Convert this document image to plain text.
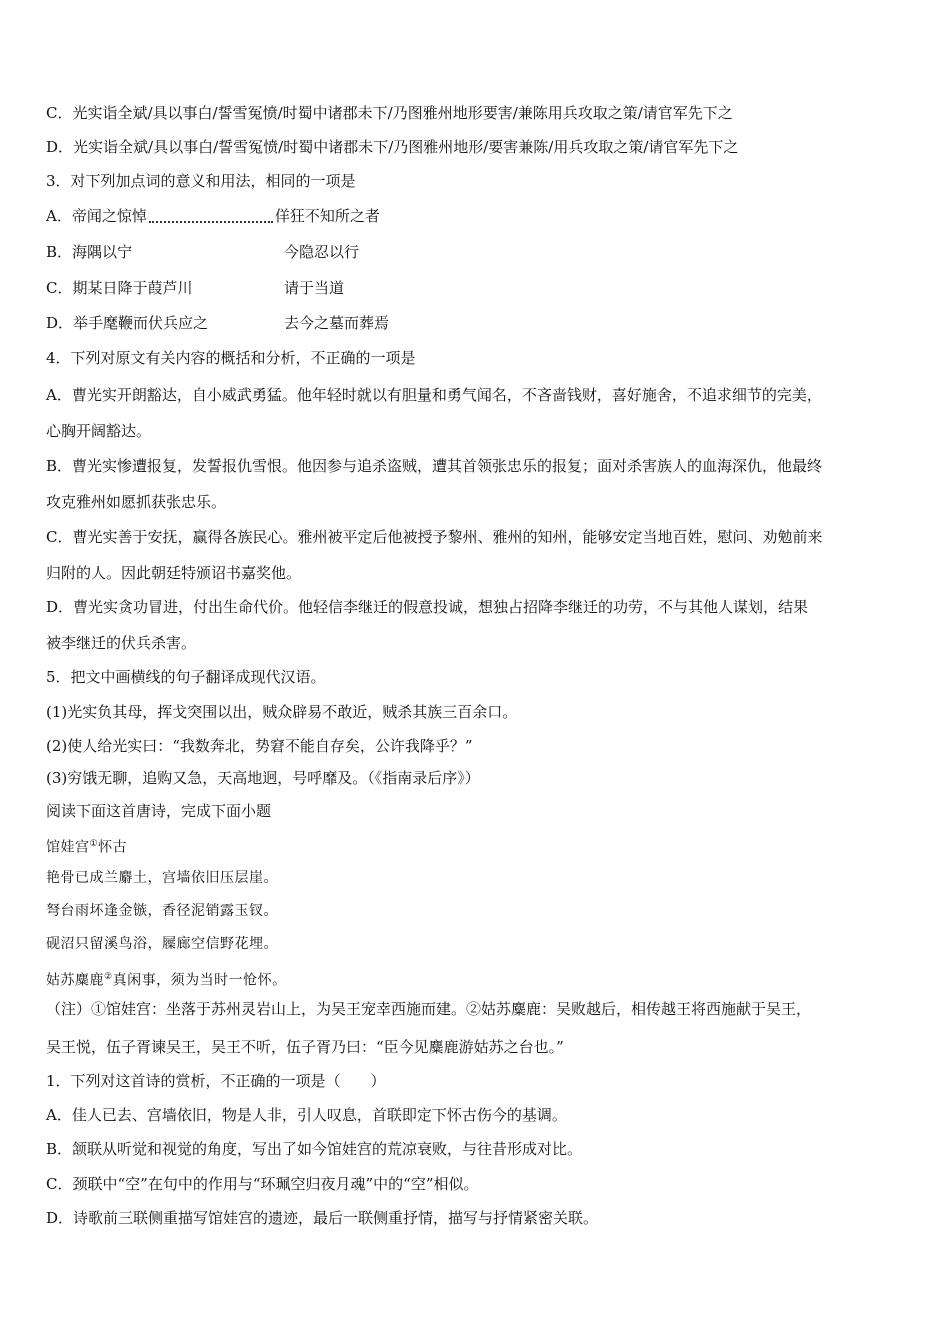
C．光实诣全斌/具以事白/誓雪冤愤/时蜀中诸郡未下/乃图雅州地形要害/兼陈用兵攻取之策/请官军先下之
D．光实诣全斌/具以事白/誓雪冤愤/时蜀中诸郡未下/乃图雅州地形/要害兼陈/用兵攻取之策/请官军先下之
3．对下列加点词的意义和用法，相同的一项是
A．帝闻之惊悼	佯狂不知所之者
B．海隅以宁	今隐忍以行
C．期某日降于葭芦川	请于当道
D．举手麾鞭而伏兵应之	去今之墓而葬焉
4．下列对原文有关内容的概括和分析，不正确的一项是
A．曹光实开朗豁达，自小威武勇猛。他年轻时就以有胆量和勇气闻名，不吝啬钱财，喜好施舍，不追求细节的完美，
心胸开阔豁达。
B．曹光实惨遭报复，发誓报仇雪恨。他因参与追杀盗贼，遭其首领张忠乐的报复；面对杀害族人的血海深仇，他最终
攻克雅州如愿抓获张忠乐。
C．曹光实善于安抚，赢得各族民心。雅州被平定后他被授予黎州、雅州的知州，能够安定当地百姓，慰问、劝勉前来
归附的人。因此朝廷特颁诏书嘉奖他。
D．曹光实贪功冒进，付出生命代价。他轻信李继迁的假意投诚，想独占招降李继迁的功劳，不与其他人谋划，结果
被李继迁的伏兵杀害。
5．把文中画横线的句子翻译成现代汉语。
(1)光实负其母，挥戈突围以出，贼众辟易不敢近，贼杀其族三百余口。
(2)使人给光实曰：“我数奔北，势窘不能自存矣，公许我降乎？”
(3)穷饿无聊，追购又急，天高地迥，号呼靡及。（《指南录后序》）
阅读下面这首唐诗，完成下面小题
馆娃宫①怀古
艳骨已成兰麝土，宫墙依旧压层崖。
弩台雨坏逢金镞，香径泥销露玉钗。
砚沼只留溪鸟浴，屧廊空信野花埋。
姑苏麋鹿②真闲事，须为当时一怆怀。
（注）①馆娃宫：坐落于苏州灵岩山上，为吴王宠幸西施而建。②姑苏麋鹿：吴败越后，相传越王将西施献于吴王，
吴王悦，伍子胥谏吴王，吴王不听，伍子胥乃曰：“臣今见麋鹿游姑苏之台也。”
1．下列对这首诗的赏析，不正确的一项是（　　）
A．佳人已去、宫墙依旧，物是人非，引人叹息，首联即定下怀古伤今的基调。
B．颔联从听觉和视觉的角度，写出了如今馆娃宫的荒凉衰败，与往昔形成对比。
C．颈联中“空”在句中的作用与“环珮空归夜月魂”中的“空”相似。
D．诗歌前三联侧重描写馆娃宫的遗迹，最后一联侧重抒情，描写与抒情紧密关联。
